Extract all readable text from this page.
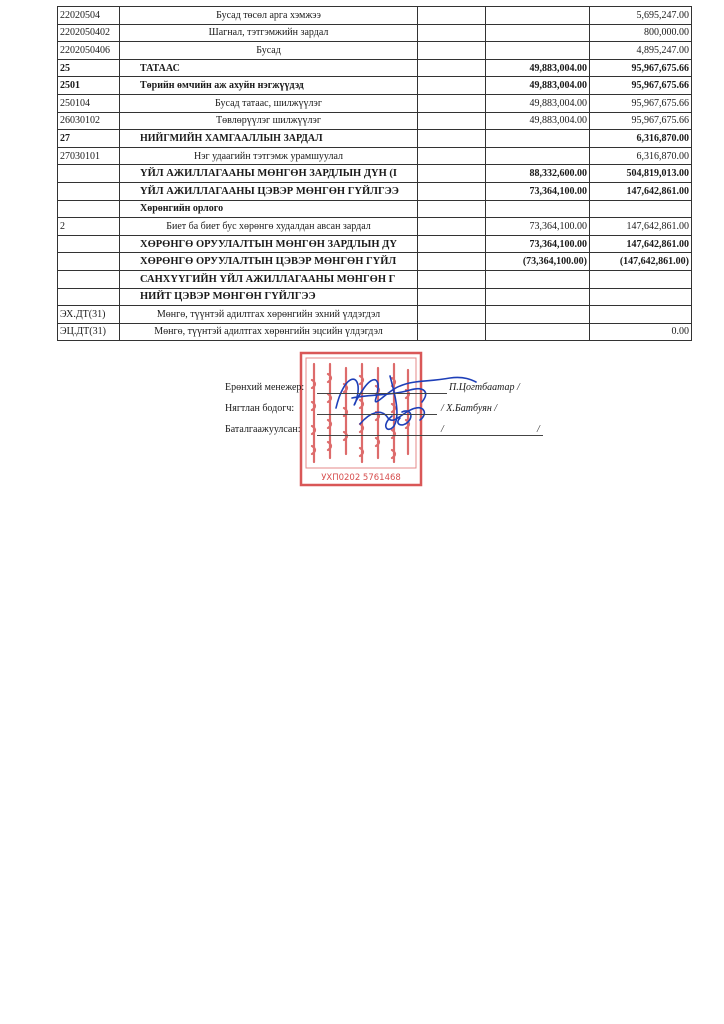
22020504	Бусад төсөл арга хэмжээ			5,695,247.00
2202050402	Шагнал, тэтгэмжийн зардал			800,000.00
2202050406	Бусад			4,895,247.00
25	ТАТААС		49,883,004.00	95,967,675.66
2501	Төрийн өмчийн аж ахуйн нэгжүүдэд		49,883,004.00	95,967,675.66
250104	Бусад татаас, шилжүүлэг		49,883,004.00	95,967,675.66
26030102	Төвлөрүүлэг шилжүүлэг		49,883,004.00	95,967,675.66
27	НИЙГМИЙН ХАМГААЛЛЫН ЗАРДАЛ			6,316,870.00
27030101	Нэг удаагийн тэтгэмж урамшуулал			6,316,870.00
	ҮЙЛ АЖИЛЛАГААНЫ МӨНГӨН ЗАРДЛЫН ДҮН (I		88,332,600.00	504,819,013.00
	ҮЙЛ АЖИЛЛАГААНЫ ЦЭВЭР МӨНГӨН ГҮЙЛГЭЭ		73,364,100.00	147,642,861.00
	Хөрөнгийн орлого			
2	Биет ба биет бус хөрөнгө худалдан авсан зардал		73,364,100.00	147,642,861.00
	ХӨРӨНГӨ ОРУУЛАЛТЫН МӨНГӨН ЗАРДЛЫН ДҮ		73,364,100.00	147,642,861.00
	ХӨРӨНГӨ ОРУУЛАЛТЫН ЦЭВЭР МӨНГӨН ГҮЙЛ		(73,364,100.00)	(147,642,861.00)
	САНХҮҮГИЙН ҮЙЛ АЖИЛЛАГААНЫ МӨНГӨН Г			
	НИЙТ ЦЭВЭР МӨНГӨН ГҮЙЛГЭЭ			
ЭХ.ДТ(31)	Мөнгө, түүнтэй адилтгах хөрөнгийн эхний үлдэгдэл			
ЭЦ.ДТ(31)	Мөнгө, түүнтэй адилтгах хөрөнгийн эцсийн үлдэгдэл			0.00
УХП0202 5761468
Ерөнхий менежер:	П.Цогтбаатар /
Нягтлан бодогч:	/ Х.Батбуян /
Баталгаажуулсан:	/	/
